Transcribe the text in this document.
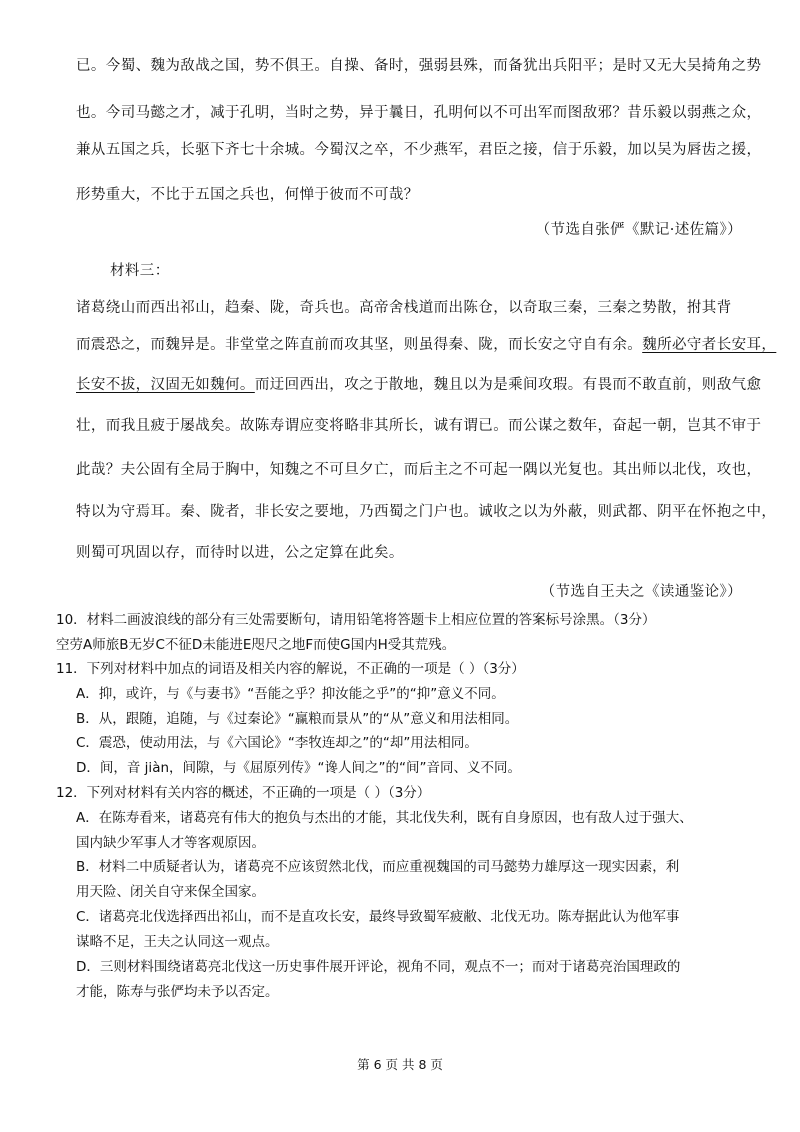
已。今蜀、魏为敌战之国，势不俱王。自操、备时，强弱县殊，而备犹出兵阳平；是时又无大吴掎角之势
也。今司马懿之才，减于孔明，当时之势，异于曩日，孔明何以不可出军而图敌邪？昔乐毅以弱燕之众，
兼从五国之兵，长驱下齐七十余城。今蜀汉之卒，不少燕军，君臣之接，信于乐毅，加以吴为唇齿之援，
形势重大，不比于五国之兵也，何惮于彼而不可哉？
（节选自张俨《默记·述佐篇》）
材料三：
诸葛绕山而西出祁山，趋秦、陇，奇兵也。高帝舍栈道而出陈仓，以奇取三秦，三秦之势散，拊其背
而震恐之，而魏异是。非堂堂之阵直前而攻其坚，则虽得秦、陇，而长安之守自有余。魏所必守者长安耳，
长安不拔，汉固无如魏何。而迂回西出，攻之于散地，魏且以为是乘间攻瑕。有畏而不敢直前，则敌气愈
壮，而我且疲于屡战矣。故陈寿谓应变将略非其所长，诚有谓已。而公谋之数年，奋起一朝，岂其不审于
此哉？夫公固有全局于胸中，知魏之不可旦夕亡，而后主之不可起一隅以光复也。其出师以北伐，攻也，
特以为守焉耳。秦、陇者，非长安之要地，乃西蜀之门户也。诚收之以为外蔽，则武都、阴平在怀抱之中，
则蜀可巩固以存，而待时以进，公之定算在此矣。
（节选自王夫之《读通鉴论》）
10．材料二画波浪线的部分有三处需要断句，请用铅笔将答题卡上相应位置的答案标号涂黑。（3分）
空劳A师旅B无岁C不征D未能进E咫尺之地F而使G国内H受其荒残。
11．下列对材料中加点的词语及相关内容的解说，不正确的一项是（ ）（3分）
A．抑，或许，与《与妻书》“吾能之乎？抑汝能之乎”的“抑”意义不同。
B．从，跟随，追随，与《过秦论》“赢粮而景从”的“从”意义和用法相同。
C．震恐，使动用法，与《六国论》“李牧连却之”的“却”用法相同。
D．间，音 jiàn，间隙，与《屈原列传》“谗人间之”的“间”音同、义不同。
12．下列对材料有关内容的概述，不正确的一项是（ ）（3分）
A．在陈寿看来，诸葛亮有伟大的抱负与杰出的才能，其北伐失利，既有自身原因，也有敌人过于强大、
国内缺少军事人才等客观原因。
B．材料二中质疑者认为，诸葛亮不应该贸然北伐，而应重视魏国的司马懿势力雄厚这一现实因素，利
用天险、闭关自守来保全国家。
C．诸葛亮北伐选择西出祁山，而不是直攻长安，最终导致蜀军疲敝、北伐无功。陈寿据此认为他军事
谋略不足，王夫之认同这一观点。
D．三则材料围绕诸葛亮北伐这一历史事件展开评论，视角不同，观点不一；而对于诸葛亮治国理政的
才能，陈寿与张俨均未予以否定。
第 6 页 共 8 页
